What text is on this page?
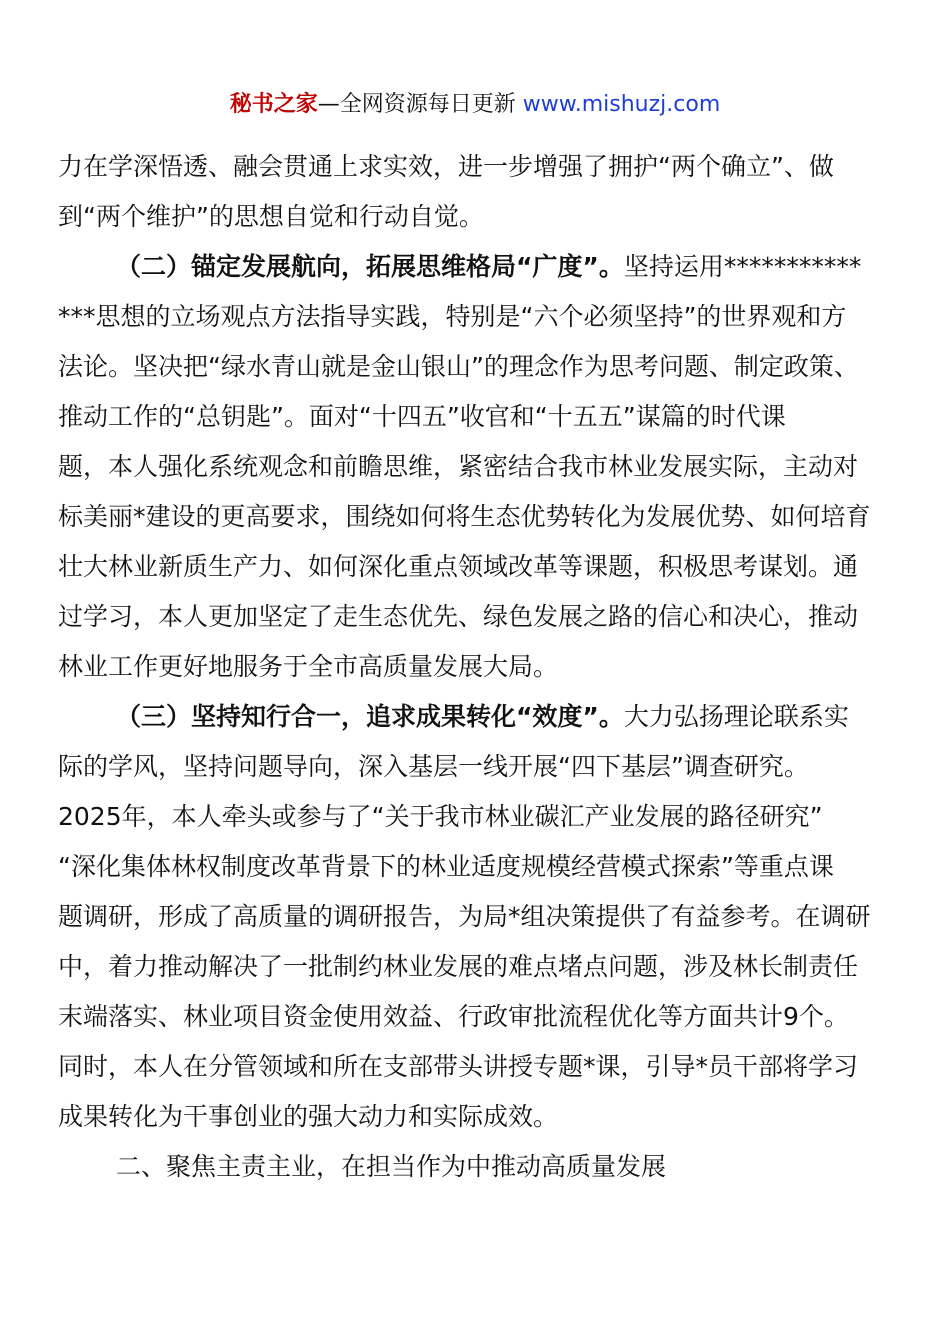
秘书之家—全网资源每日更新 www.mishuzj.com
力在学深悟透、融会贯通上求实效，进一步增强了拥护“两个确立”、做
到“两个维护”的思想自觉和行动自觉。
（二）锚定发展航向，拓展思维格局“广度”。坚持运用***********
***思想的立场观点方法指导实践，特别是“六个必须坚持”的世界观和方
法论。坚决把“绿水青山就是金山银山”的理念作为思考问题、制定政策、
推动工作的“总钥匙”。面对“十四五”收官和“十五五”谋篇的时代课
题，本人强化系统观念和前瞻思维，紧密结合我市林业发展实际，主动对
标美丽*建设的更高要求，围绕如何将生态优势转化为发展优势、如何培育
壮大林业新质生产力、如何深化重点领域改革等课题，积极思考谋划。通
过学习，本人更加坚定了走生态优先、绿色发展之路的信心和决心，推动
林业工作更好地服务于全市高质量发展大局。
（三）坚持知行合一，追求成果转化“效度”。大力弘扬理论联系实
际的学风，坚持问题导向，深入基层一线开展“四下基层”调查研究。
2025年，本人牵头或参与了“关于我市林业碳汇产业发展的路径研究”
“深化集体林权制度改革背景下的林业适度规模经营模式探索”等重点课
题调研，形成了高质量的调研报告，为局*组决策提供了有益参考。在调研
中，着力推动解决了一批制约林业发展的难点堵点问题，涉及林长制责任
末端落实、林业项目资金使用效益、行政审批流程优化等方面共计9个。
同时，本人在分管领域和所在支部带头讲授专题*课，引导*员干部将学习
成果转化为干事创业的强大动力和实际成效。
二、聚焦主责主业，在担当作为中推动高质量发展
